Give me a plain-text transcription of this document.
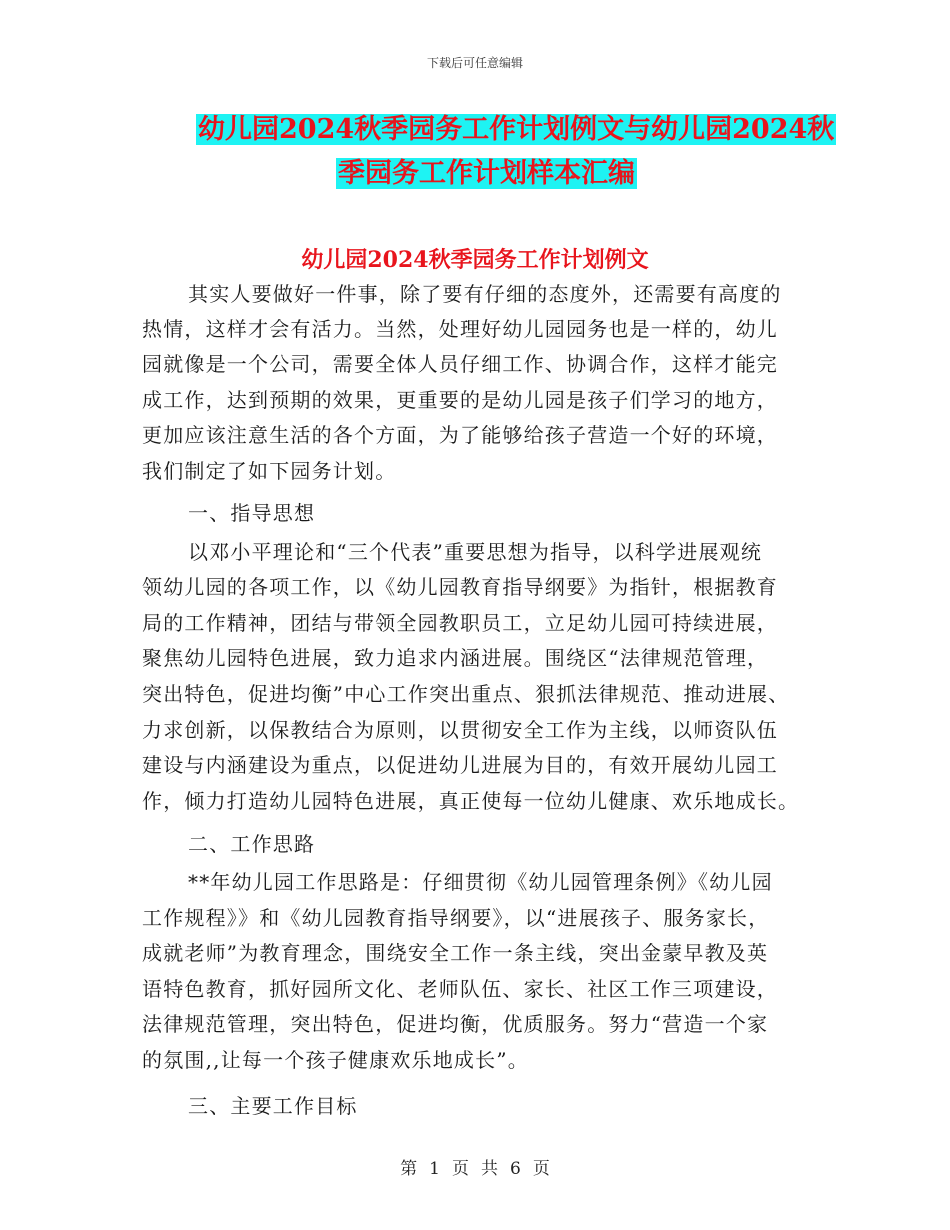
下载后可任意编辑
幼儿园2024秋季园务工作计划例文与幼儿园2024秋
季园务工作计划样本汇编
幼儿园2024秋季园务工作计划例文
其实人要做好一件事，除了要有仔细的态度外，还需要有高度的
热情，这样才会有活力。当然，处理好幼儿园园务也是一样的，幼儿
园就像是一个公司，需要全体人员仔细工作、协调合作，这样才能完
成工作，达到预期的效果，更重要的是幼儿园是孩子们学习的地方，
更加应该注意生活的各个方面，为了能够给孩子营造一个好的环境，
我们制定了如下园务计划。
一、指导思想
以邓小平理论和“三个代表”重要思想为指导，以科学进展观统
领幼儿园的各项工作，以《幼儿园教育指导纲要》为指针，根据教育
局的工作精神，团结与带领全园教职员工，立足幼儿园可持续进展，
聚焦幼儿园特色进展，致力追求内涵进展。围绕区“法律规范管理，
突出特色，促进均衡”中心工作突出重点、狠抓法律规范、推动进展、
力求创新，以保教结合为原则，以贯彻安全工作为主线，以师资队伍
建设与内涵建设为重点，以促进幼儿进展为目的，有效开展幼儿园工
作，倾力打造幼儿园特色进展，真正使每一位幼儿健康、欢乐地成长。
二、工作思路
**年幼儿园工作思路是：仔细贯彻《幼儿园管理条例》《幼儿园
工作规程》》和《幼儿园教育指导纲要》，以“进展孩子、服务家长，
成就老师”为教育理念，围绕安全工作一条主线，突出金蒙早教及英
语特色教育，抓好园所文化、老师队伍、家长、社区工作三项建设，
法律规范管理，突出特色，促进均衡，优质服务。努力“营造一个家
的氛围,,让每一个孩子健康欢乐地成长”。
三、主要工作目标
第 1 页 共 6 页
